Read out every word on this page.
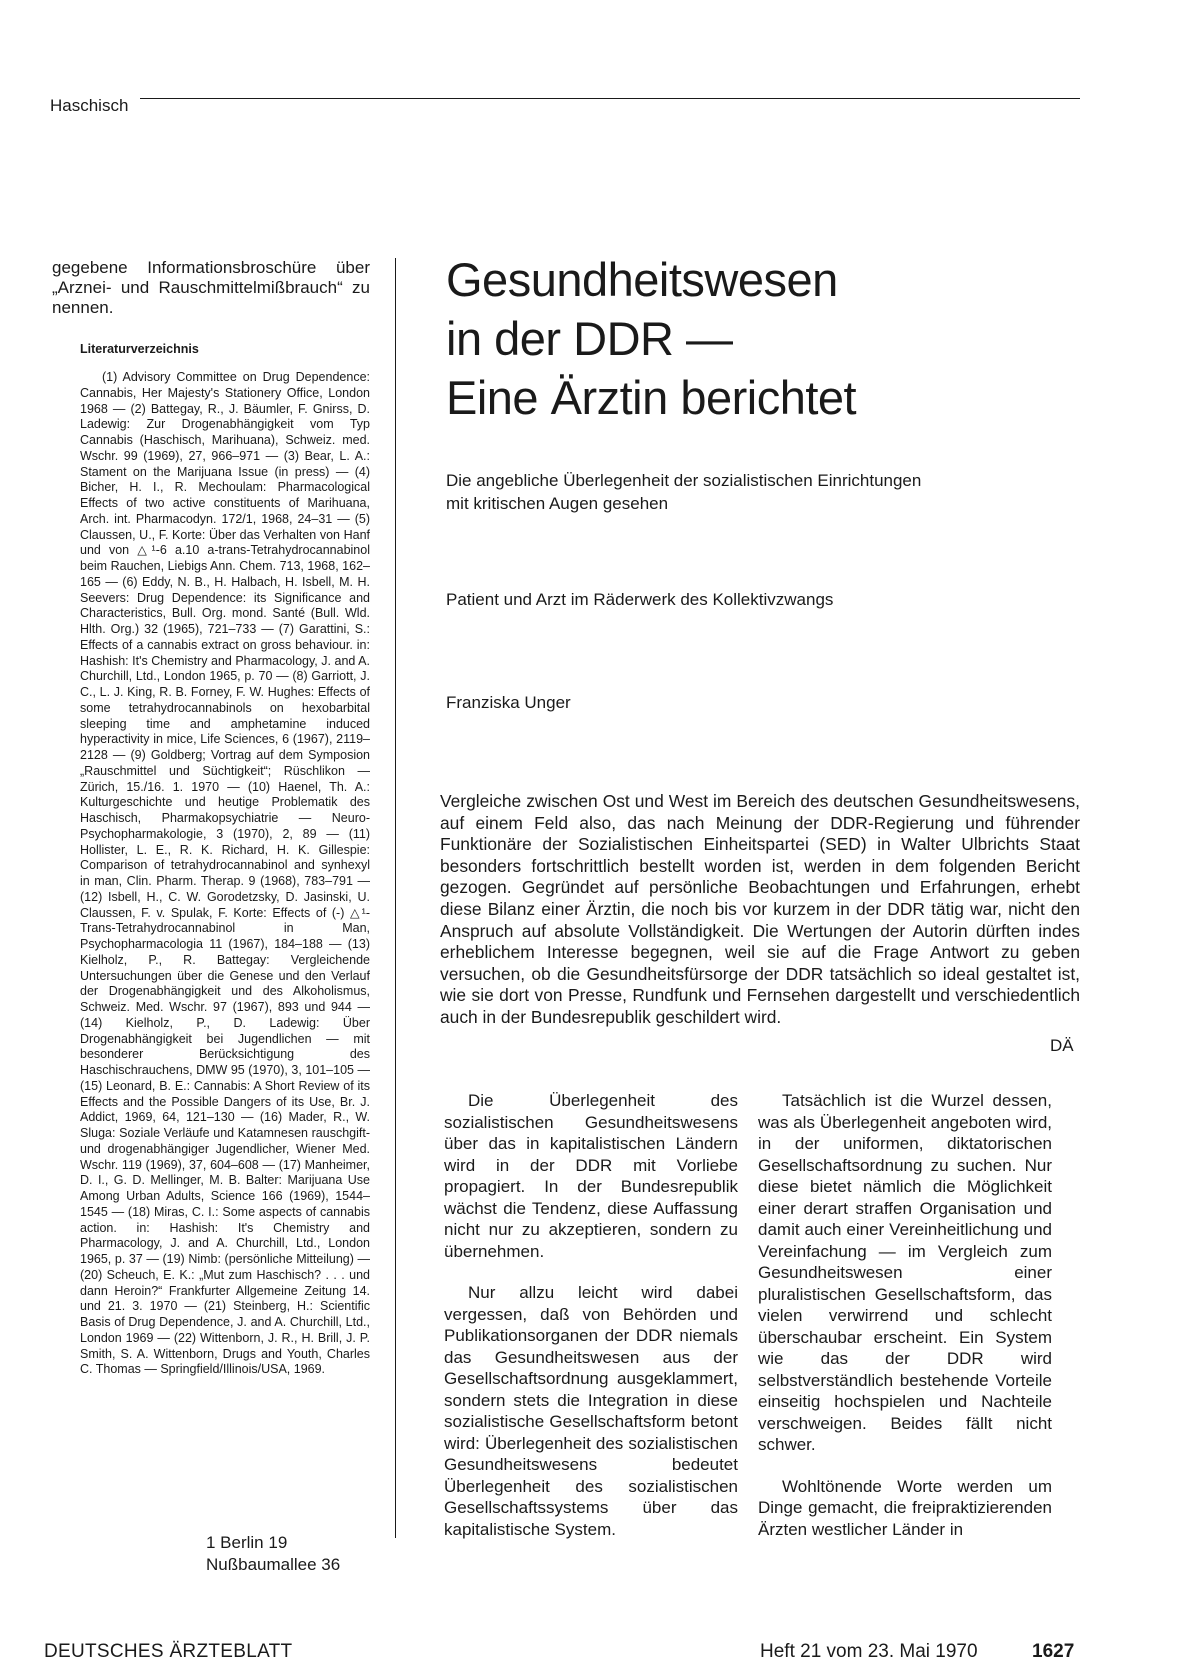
Haschisch

gegebene Informationsbroschüre über „Arznei- und Rauschmittelmißbrauch“ zu nennen.

Literaturverzeichnis

(1) Advisory Committee on Drug Dependence: Cannabis, Her Majesty's Stationery Office, London 1968 — (2) Battegay, R., J. Bäumler, F. Gnirss, D. Ladewig: Zur Drogenabhängigkeit vom Typ Cannabis (Haschisch, Marihuana), Schweiz. med. Wschr. 99 (1969), 27, 966–971 — (3) Bear, L. A.: Stament on the Marijuana Issue (in press) — (4) Bicher, H. I., R. Mechoulam: Pharmacological Effects of two active constituents of Marihuana, Arch. int. Pharmacodyn. 172/1, 1968, 24–31 — (5) Claussen, U., F. Korte: Über das Verhalten von Hanf und von △¹-6 a.10 a-trans-Tetrahydrocannabinol beim Rauchen, Liebigs Ann. Chem. 713, 1968, 162–165 — (6) Eddy, N. B., H. Halbach, H. Isbell, M. H. Seevers: Drug Dependence: its Significance and Characteristics, Bull. Org. mond. Santé (Bull. Wld. Hlth. Org.) 32 (1965), 721–733 — (7) Garattini, S.: Effects of a cannabis extract on gross behaviour. in: Hashish: It's Chemistry and Pharmacology, J. and A. Churchill, Ltd., London 1965, p. 70 — (8) Garriott, J. C., L. J. King, R. B. Forney, F. W. Hughes: Effects of some tetrahydrocannabinols on hexobarbital sleeping time and amphetamine induced hyperactivity in mice, Life Sciences, 6 (1967), 2119–2128 — (9) Goldberg; Vortrag auf dem Symposion „Rauschmittel und Süchtigkeit“; Rüschlikon — Zürich, 15./16. 1. 1970 — (10) Haenel, Th. A.: Kulturgeschichte und heutige Problematik des Haschisch, Pharmakopsychiatrie — Neuro-Psychopharmakologie, 3 (1970), 2, 89 — (11) Hollister, L. E., R. K. Richard, H. K. Gillespie: Comparison of tetrahydrocannabinol and synhexyl in man, Clin. Pharm. Therap. 9 (1968), 783–791 — (12) Isbell, H., C. W. Gorodetzsky, D. Jasinski, U. Claussen, F. v. Spulak, F. Korte: Effects of (-) △¹-Trans-Tetrahydrocannabinol in Man, Psychopharmacologia 11 (1967), 184–188 — (13) Kielholz, P., R. Battegay: Vergleichende Untersuchungen über die Genese und den Verlauf der Drogenabhängigkeit und des Alkoholismus, Schweiz. Med. Wschr. 97 (1967), 893 und 944 — (14) Kielholz, P., D. Ladewig: Über Drogenabhängigkeit bei Jugendlichen — mit besonderer Berücksichtigung des Haschischrauchens, DMW 95 (1970), 3, 101–105 — (15) Leonard, B. E.: Cannabis: A Short Review of its Effects and the Possible Dangers of its Use, Br. J. Addict, 1969, 64, 121–130 — (16) Mader, R., W. Sluga: Soziale Verläufe und Katamnesen rauschgift- und drogenabhängiger Jugendlicher, Wiener Med. Wschr. 119 (1969), 37, 604–608 — (17) Manheimer, D. I., G. D. Mellinger, M. B. Balter: Marijuana Use Among Urban Adults, Science 166 (1969), 1544–1545 — (18) Miras, C. I.: Some aspects of cannabis action. in: Hashish: It's Chemistry and Pharmacology, J. and A. Churchill, Ltd., London 1965, p. 37 — (19) Nimb: (persönliche Mitteilung) — (20) Scheuch, E. K.: „Mut zum Haschisch? . . . und dann Heroin?“ Frankfurter Allgemeine Zeitung 14. und 21. 3. 1970 — (21) Steinberg, H.: Scientific Basis of Drug Dependence, J. and A. Churchill, Ltd., London 1969 — (22) Wittenborn, J. R., H. Brill, J. P. Smith, S. A. Wittenborn, Drugs and Youth, Charles C. Thomas — Springfield/Illinois/USA, 1969.

1 Berlin 19
Nußbaumallee 36
Gesundheitswesen
in der DDR —
Eine Ärztin berichtet

Die angebliche Überlegenheit der sozialistischen Einrichtungen
mit kritischen Augen gesehen

Patient und Arzt im Räderwerk des Kollektivzwangs

Franziska Unger

Vergleiche zwischen Ost und West im Bereich des deutschen Gesundheitswesens, auf einem Feld also, das nach Meinung der DDR-Regierung und führender Funktionäre der Sozialistischen Einheitspartei (SED) in Walter Ulbrichts Staat besonders fortschrittlich bestellt worden ist, werden in dem folgenden Bericht gezogen. Gegründet auf persönliche Beobachtungen und Erfahrungen, erhebt diese Bilanz einer Ärztin, die noch bis vor kurzem in der DDR tätig war, nicht den Anspruch auf absolute Vollständigkeit. Die Wertungen der Autorin dürften indes erheblichem Interesse begegnen, weil sie auf die Frage Antwort zu geben versuchen, ob die Gesundheitsfürsorge der DDR tatsächlich so ideal gestaltet ist, wie sie dort von Presse, Rundfunk und Fernsehen dargestellt und verschiedentlich auch in der Bundesrepublik geschildert wird.

DÄ

Die Überlegenheit des sozialistischen Gesundheitswesens über das in kapitalistischen Ländern wird in der DDR mit Vorliebe propagiert. In der Bundesrepublik wächst die Tendenz, diese Auffassung nicht nur zu akzeptieren, sondern zu übernehmen.

Nur allzu leicht wird dabei vergessen, daß von Behörden und Publikationsorganen der DDR niemals das Gesundheitswesen aus der Gesellschaftsordnung ausgeklammert, sondern stets die Integration in diese sozialistische Gesellschaftsform betont wird: Überlegenheit des sozialistischen Gesundheitswesens bedeutet Überlegenheit des sozialistischen Gesellschaftssystems über das kapitalistische System.

Tatsächlich ist die Wurzel dessen, was als Überlegenheit angeboten wird, in der uniformen, diktatorischen Gesellschaftsordnung zu suchen. Nur diese bietet nämlich die Möglichkeit einer derart straffen Organisation und damit auch einer Vereinheitlichung und Vereinfachung — im Vergleich zum Gesundheitswesen einer pluralistischen Gesellschaftsform, das vielen verwirrend und schlecht überschaubar erscheint. Ein System wie das der DDR wird selbstverständlich bestehende Vorteile einseitig hochspielen und Nachteile verschweigen. Beides fällt nicht schwer.

Wohltönende Worte werden um Dinge gemacht, die freipraktizierenden Ärzten westlicher Länder in

DEUTSCHES ÄRZTEBLATT	Heft 21 vom 23. Mai 1970	1627
